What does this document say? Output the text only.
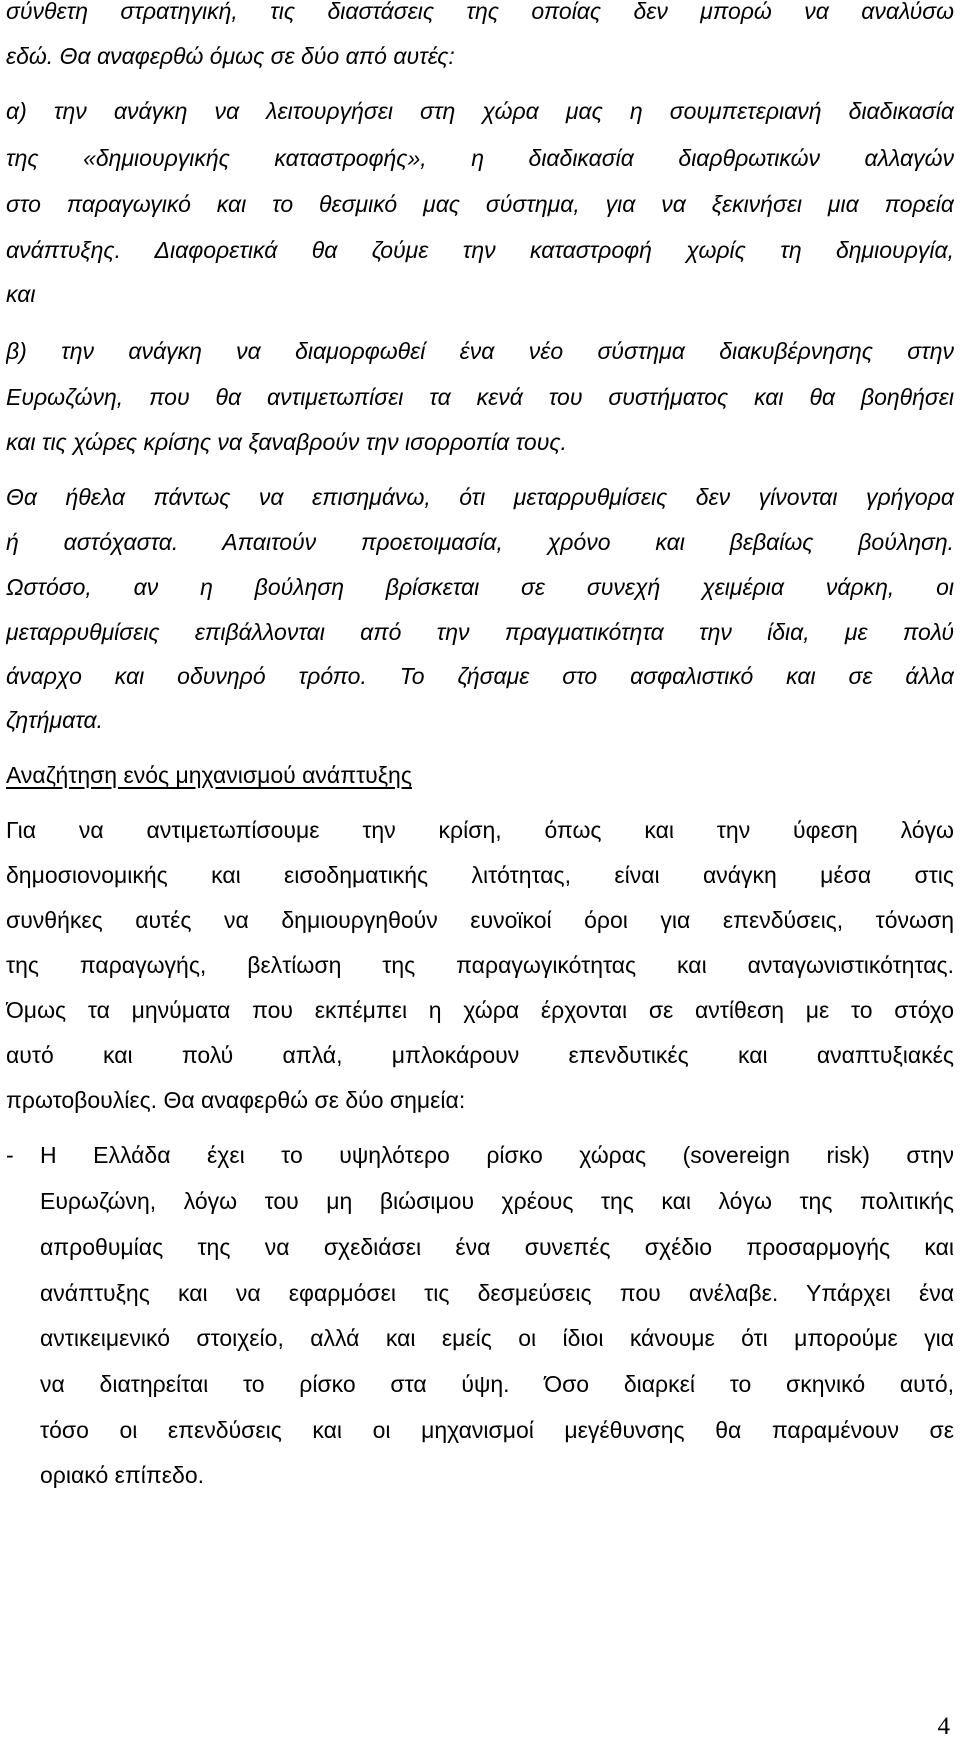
σύνθετη στρατηγική, τις διαστάσεις της οποίας δεν μπορώ να αναλύσω
εδώ. Θα αναφερθώ όμως σε δύο από αυτές:
α) την ανάγκη να λειτουργήσει στη χώρα μας η σουμπετεριανή διαδικασία
της «δημιουργικής καταστροφής», η διαδικασία διαρθρωτικών αλλαγών
στο παραγωγικό και το θεσμικό μας σύστημα, για να ξεκινήσει μια πορεία
ανάπτυξης. Διαφορετικά θα ζούμε την καταστροφή χωρίς τη δημιουργία,
και
β) την ανάγκη να διαμορφωθεί ένα νέο σύστημα διακυβέρνησης στην
Ευρωζώνη, που θα αντιμετωπίσει τα κενά του συστήματος και θα βοηθήσει
και τις χώρες κρίσης να ξαναβρούν την ισορροπία τους.
Θα ήθελα πάντως να επισημάνω, ότι μεταρρυθμίσεις δεν γίνονται γρήγορα
ή αστόχαστα. Απαιτούν προετοιμασία, χρόνο και βεβαίως βούληση.
Ωστόσο, αν η βούληση βρίσκεται σε συνεχή χειμέρια νάρκη, οι
μεταρρυθμίσεις επιβάλλονται από την πραγματικότητα την ίδια, με πολύ
άναρχο και οδυνηρό τρόπο. Το ζήσαμε στο ασφαλιστικό και σε άλλα
ζητήματα.
Αναζήτηση ενός μηχανισμού ανάπτυξης
Για να αντιμετωπίσουμε την κρίση, όπως και την ύφεση λόγω
δημοσιονομικής και εισοδηματικής λιτότητας, είναι ανάγκη μέσα στις
συνθήκες αυτές να δημιουργηθούν ευνοϊκοί όροι για επενδύσεις, τόνωση
της παραγωγής, βελτίωση της παραγωγικότητας και ανταγωνιστικότητας.
Όμως τα μηνύματα που εκπέμπει η χώρα έρχονται σε αντίθεση με το στόχο
αυτό και πολύ απλά, μπλοκάρουν επενδυτικές και αναπτυξιακές
πρωτοβουλίες. Θα αναφερθώ σε δύο σημεία:
- Η Ελλάδα έχει το υψηλότερο ρίσκο χώρας (sovereign risk) στην
Ευρωζώνη, λόγω του μη βιώσιμου χρέους της και λόγω της πολιτικής
απροθυμίας της να σχεδιάσει ένα συνεπές σχέδιο προσαρμογής και
ανάπτυξης και να εφαρμόσει τις δεσμεύσεις που ανέλαβε. Υπάρχει ένα
αντικειμενικό στοιχείο, αλλά και εμείς οι ίδιοι κάνουμε ότι μπορούμε για
να διατηρείται το ρίσκο στα ύψη. Όσο διαρκεί το σκηνικό αυτό,
τόσο οι επενδύσεις και οι μηχανισμοί μεγέθυνσης θα παραμένουν σε
οριακό επίπεδο.
4
